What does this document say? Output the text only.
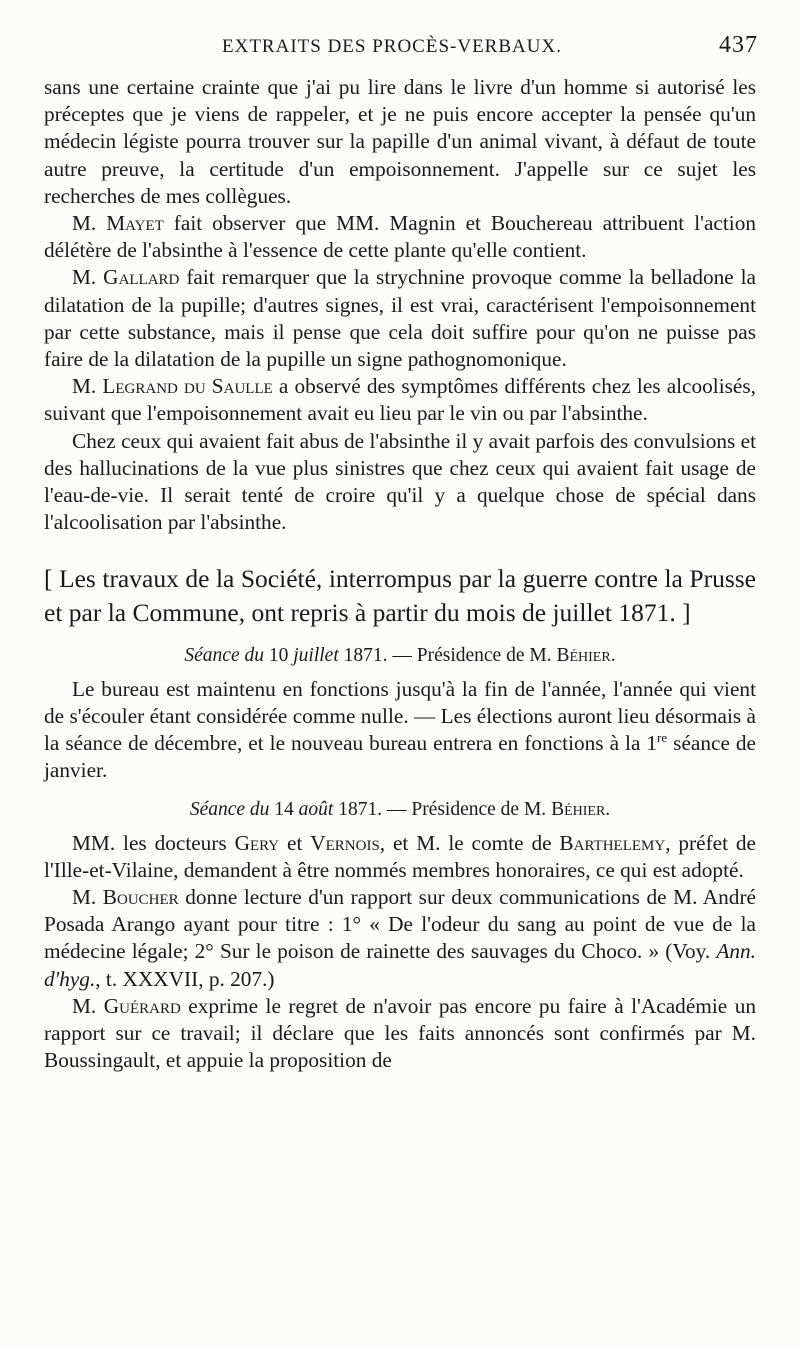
EXTRAITS DES PROCÈS-VERBAUX.	437

sans une certaine crainte que j'ai pu lire dans le livre d'un homme si autorisé les préceptes que je viens de rappeler, et je ne puis encore accepter la pensée qu'un médecin légiste pourra trouver sur la papille d'un animal vivant, à défaut de toute autre preuve, la certitude d'un empoisonnement. J'appelle sur ce sujet les recherches de mes collègues.

M. Mayet fait observer que MM. Magnin et Bouchereau attribuent l'action délétère de l'absinthe à l'essence de cette plante qu'elle contient.

M. Gallard fait remarquer que la strychnine provoque comme la belladone la dilatation de la pupille; d'autres signes, il est vrai, caractérisent l'empoisonnement par cette substance, mais il pense que cela doit suffire pour qu'on ne puisse pas faire de la dilatation de la pupille un signe pathognomonique.

M. Legrand du Saulle a observé des symptômes différents chez les alcoolisés, suivant que l'empoisonnement avait eu lieu par le vin ou par l'absinthe.

Chez ceux qui avaient fait abus de l'absinthe il y avait parfois des convulsions et des hallucinations de la vue plus sinistres que chez ceux qui avaient fait usage de l'eau-de-vie. Il serait tenté de croire qu'il y a quelque chose de spécial dans l'alcoolisation par l'absinthe.

[ Les travaux de la Société, interrompus par la guerre contre la Prusse et par la Commune, ont repris à partir du mois de juillet 1871. ]

Séance du 10 juillet 1871. — Présidence de M. Béhier.

Le bureau est maintenu en fonctions jusqu'à la fin de l'année, l'année qui vient de s'écouler étant considérée comme nulle. — Les élections auront lieu désormais à la séance de décembre, et le nouveau bureau entrera en fonctions à la 1re séance de janvier.

Séance du 14 août 1871. — Présidence de M. Béhier.

MM. les docteurs Gery et Vernois, et M. le comte de Barthelemy, préfet de l'Ille-et-Vilaine, demandent à être nommés membres honoraires, ce qui est adopté.

M. Boucher donne lecture d'un rapport sur deux communications de M. André Posada Arango ayant pour titre : 1° « De l'odeur du sang au point de vue de la médecine légale; 2° Sur le poison de rainette des sauvages du Choco. » (Voy. Ann. d'hyg., t. XXXVII, p. 207.)

M. Guérard exprime le regret de n'avoir pas encore pu faire à l'Académie un rapport sur ce travail; il déclare que les faits annoncés sont confirmés par M. Boussingault, et appuie la proposition de
